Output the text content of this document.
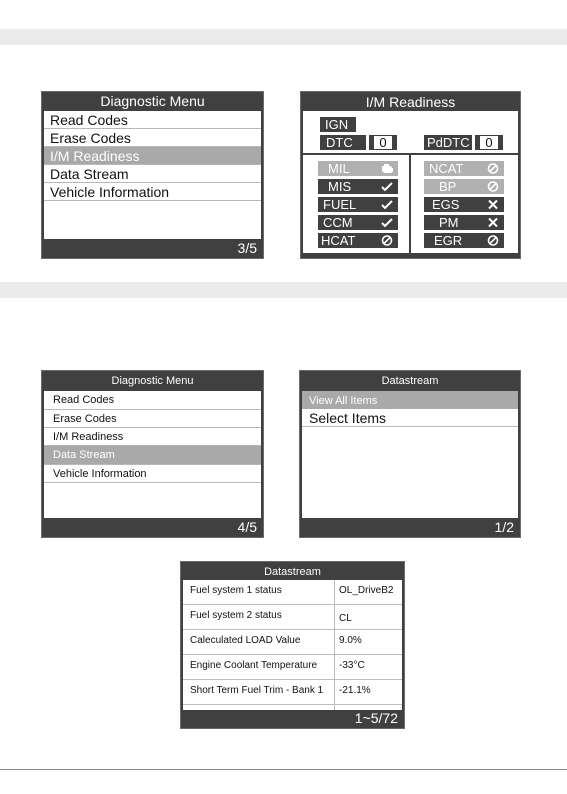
Diagnostic Menu
Read Codes
Erase Codes
I/M Readiness
Data Stream
Vehicle Information
3/5
I/M Readiness
IGN
DTC	0	PdDTC	0
MIL
MIS
FUEL
CCM
HCAT
NCAT
BP
EGS
PM
EGR
Diagnostic Menu
Read Codes
Erase Codes
I/M Readiness
Data Stream
Vehicle Information
4/5
Datastream
View All Items
Select Items
1/2
Datastream
Fuel system 1 status	OL_DriveB2
Fuel system 2 status	CL
Caleculated LOAD Value	9.0%
Engine Coolant Temperature -33°C
Short Term Fuel Trim - Bank 1 -21.1%
1~5/72
